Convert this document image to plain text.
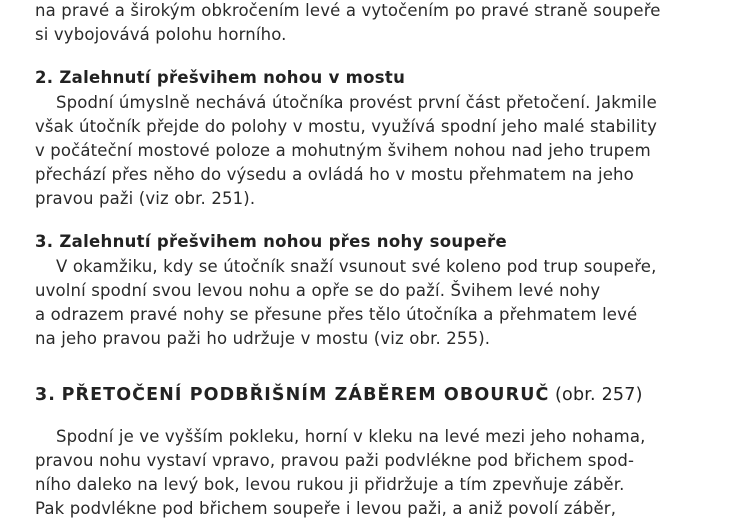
na pravé a širokým obkročením levé a vytočením po pravé straně soupeře
si vybojovává polohu horního.
2. Zalehnutí přešvihem nohou v mostu
Spodní úmyslně nechává útočníka provést první část přetočení. Jakmile
však útočník přejde do polohy v mostu, využívá spodní jeho malé stability
v počáteční mostové poloze a mohutným švihem nohou nad jeho trupem
přechází přes něho do výsedu a ovládá ho v mostu přehmatem na jeho
pravou paži (viz obr. 251).
3. Zalehnutí přešvihem nohou přes nohy soupeře
V okamžiku, kdy se útočník snaží vsunout své koleno pod trup soupeře,
uvolní spodní svou levou nohu a opře se do paží. Švihem levé nohy
a odrazem pravé nohy se přesune přes tělo útočníka a přehmatem levé
na jeho pravou paži ho udržuje v mostu (viz obr. 255).
3. PŘETOČENÍ PODBŘIŠNÍM ZÁBĚREM OBOURUČ (obr. 257)
Spodní je ve vyšším pokleku, horní v kleku na levé mezi jeho nohama,
pravou nohu vystaví vpravo, pravou paži podvlékne pod břichem spod-
ního daleko na levý bok, levou rukou ji přidržuje a tím zpevňuje záběr.
Pak podvlékne pod břichem soupeře i levou paži, a aniž povolí záběr,
